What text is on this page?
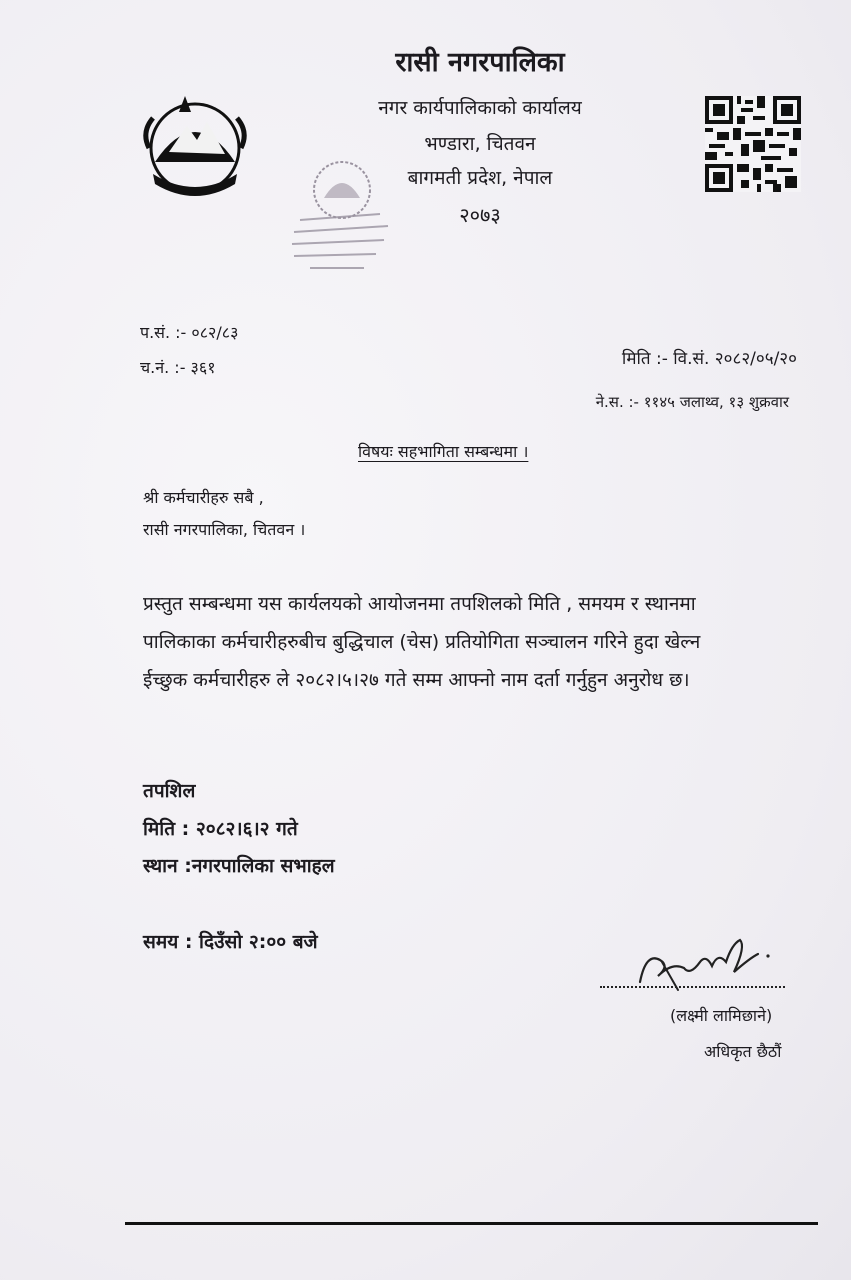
रासी नगरपालिका
नगर कार्यपालिकाको कार्यालय
भण्डारा, चितवन
बागमती प्रदेश, नेपाल
२०७३
प.सं. :- ०८२/८३
च.नं. :- ३६१	मिति :- वि.सं. २०८२/०५/२०
ने.स. :- ११४५ जलाथ्व, १३ शुक्रवार
विषयः सहभागिता सम्बन्धमा ।
श्री कर्मचारीहरु सबै ,
रासी नगरपालिका, चितवन ।
प्रस्तुत सम्बन्धमा यस कार्यलयको आयोजनमा तपशिलको मिति , समयम र स्थानमा
पालिकाका कर्मचारीहरुबीच बुद्धिचाल (चेस) प्रतियोगिता सञ्चालन गरिने हुदा खेल्न
ईच्छुक कर्मचारीहरु ले २०८२।५।२७ गते सम्म आफ्नो नाम दर्ता गर्नुहुन अनुरोध छ।
तपशिल
मिति : २०८२।६।२ गते
स्थान :नगरपालिका सभाहल
समय : दिउँसो २:०० बजे
(लक्ष्मी लामिछाने)
अधिकृत छैठौं
